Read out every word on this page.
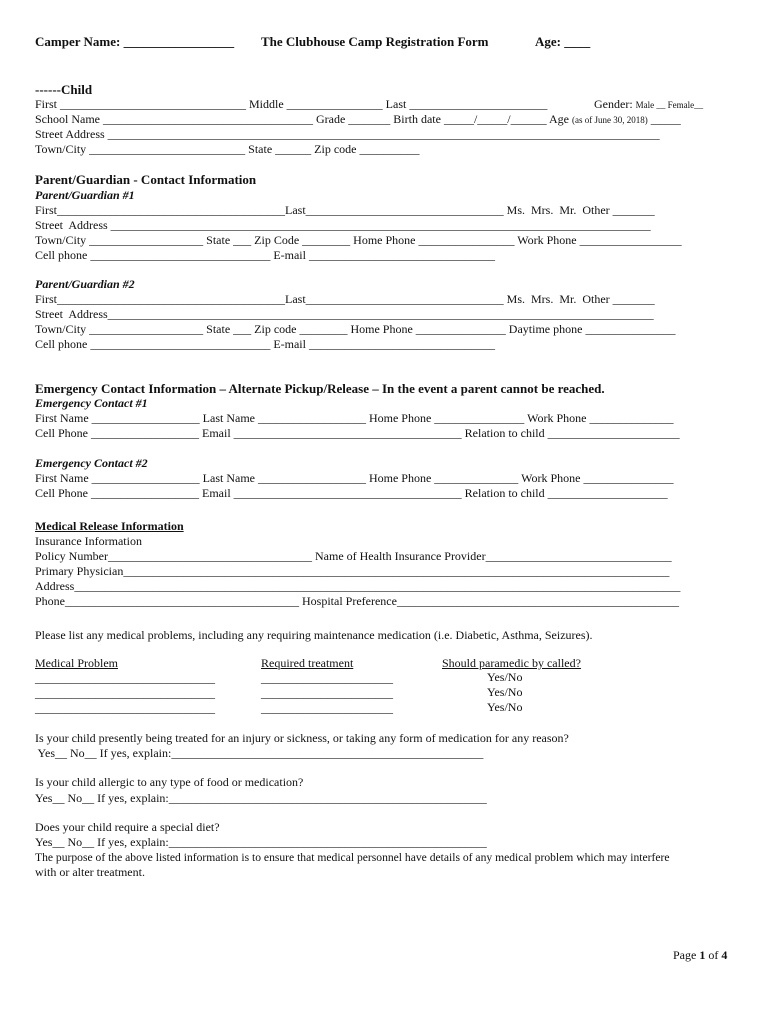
Camper Name: _________________ The Clubhouse Camp Registration Form	Age: ____
------Child
First _______________________________ Middle ________________ Last _______________________	Gender: Male __ Female__
School Name ___________________________________ Grade _______ Birth date _____/_____/______ Age (as of June 30, 2018) _____
Street Address ____________________________________________________________________________________________
Town/City __________________________ State ______ Zip code __________
Parent/Guardian - Contact Information
Parent/Guardian #1
First______________________________________Last_________________________________ Ms.  Mrs.  Mr.  Other _______
Street  Address __________________________________________________________________________________________
Town/City ___________________ State ___ Zip Code ________ Home Phone ________________ Work Phone _________________
Cell phone ______________________________ E-mail _______________________________
Parent/Guardian #2
First______________________________________Last_________________________________ Ms.  Mrs.  Mr.  Other _______
Street  Address___________________________________________________________________________________________
Town/City ___________________ State ___ Zip code ________ Home Phone _______________ Daytime phone _______________
Cell phone ______________________________ E-mail _______________________________
Emergency Contact Information – Alternate Pickup/Release – In the event a parent cannot be reached.
Emergency Contact #1
First Name __________________ Last Name __________________ Home Phone _______________ Work Phone ______________
Cell Phone __________________ Email ______________________________________ Relation to child ______________________
Emergency Contact #2
First Name __________________ Last Name __________________ Home Phone ______________ Work Phone _______________
Cell Phone __________________ Email ______________________________________ Relation to child ____________________
Medical Release Information
Insurance Information
Policy Number__________________________________ Name of Health Insurance Provider_______________________________
Primary Physician___________________________________________________________________________________________
Address_____________________________________________________________________________________________________
Phone_______________________________________ Hospital Preference_______________________________________________
Please list any medical problems, including any requiring maintenance medication (i.e. Diabetic, Asthma, Seizures).
Medical Problem	Required treatment	Should paramedic by called?
______________________________	______________________	Yes/No
______________________________	______________________	Yes/No
______________________________	______________________	Yes/No
Is your child presently being treated for an injury or sickness, or taking any form of medication for any reason?
Yes__ No__ If yes, explain:____________________________________________________
Is your child allergic to any type of food or medication?
Yes__ No__ If yes, explain:_____________________________________________________
Does your child require a special diet?
Yes__ No__ If yes, explain:_____________________________________________________
The purpose of the above listed information is to ensure that medical personnel have details of any medical problem which may interfere
with or alter treatment.
Page 1 of 4
